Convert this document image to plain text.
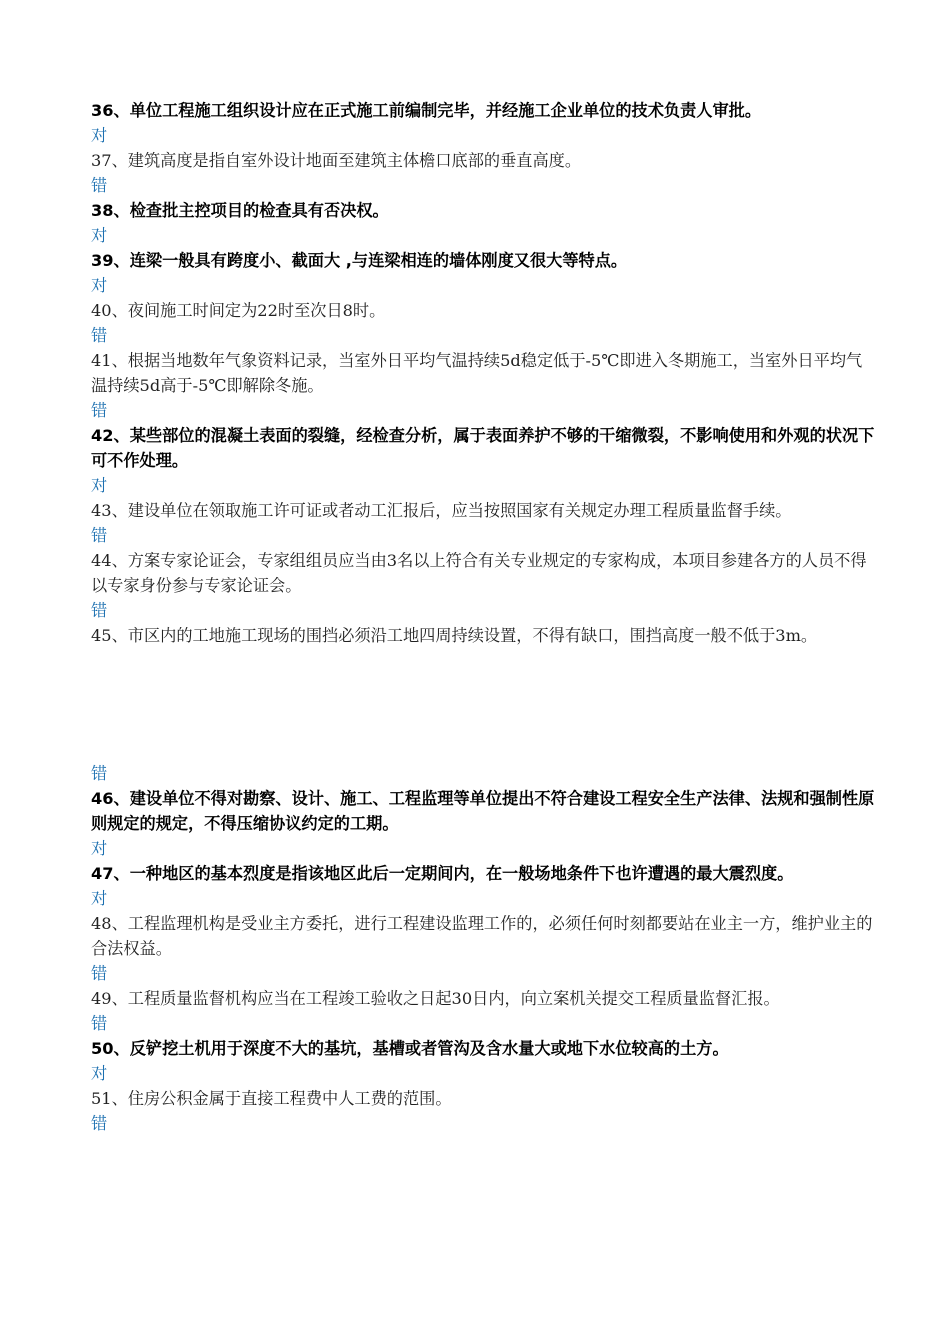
36、单位工程施工组织设计应在正式施工前编制完毕，并经施工企业单位的技术负责人审批。

对

37、建筑高度是指自室外设计地面至建筑主体檐口底部的垂直高度。

错

38、检查批主控项目的检查具有否决权。

对

39、连梁一般具有跨度小、截面大 ,与连梁相连的墙体刚度又很大等特点。

对

40、夜间施工时间定为22时至次日8时。

错

41、根据当地数年气象资料记录，当室外日平均气温持续5d稳定低于-5℃即进入冬期施工，当室外日平均气温持续5d高于-5℃即解除冬施。

错

42、某些部位的混凝土表面的裂缝，经检查分析，属于表面养护不够的干缩微裂，不影响使用和外观的状况下可不作处理。

对

43、建设单位在领取施工许可证或者动工汇报后，应当按照国家有关规定办理工程质量监督手续。

错

44、方案专家论证会，专家组组员应当由3名以上符合有关专业规定的专家构成，本项目参建各方的人员不得以专家身份参与专家论证会。

错

45、市区内的工地施工现场的围挡必须沿工地四周持续设置，不得有缺口，围挡高度一般不低于3m。

错

46、建设单位不得对勘察、设计、施工、工程监理等单位提出不符合建设工程安全生产法律、法规和强制性原则规定的规定，不得压缩协议约定的工期。

对

47、一种地区的基本烈度是指该地区此后一定期间内，在一般场地条件下也许遭遇的最大震烈度。

对

48、工程监理机构是受业主方委托，进行工程建设监理工作的，必须任何时刻都要站在业主一方，维护业主的合法权益。

错

49、工程质量监督机构应当在工程竣工验收之日起30日内，向立案机关提交工程质量监督汇报。

错

50、反铲挖土机用于深度不大的基坑，基槽或者管沟及含水量大或地下水位较高的土方。

对

51、住房公积金属于直接工程费中人工费的范围。

错
